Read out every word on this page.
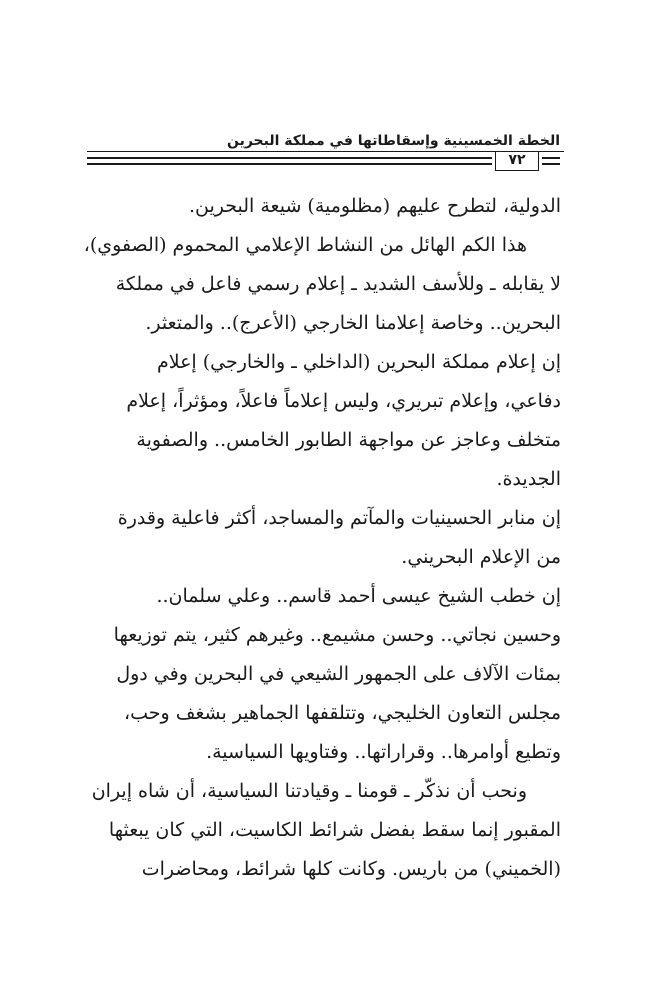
الخطة الخمسينية وإسقاطاتها في مملكة البحرين
٧٢
الدولية، لتطرح عليهم (مظلومية) شيعة البحرين.
هذا الكم الهائل من النشاط الإعلامي المحموم (الصفوي)،
لا يقابله ـ وللأسف الشديد ـ إعلام رسمي فاعل في مملكة
البحرين.. وخاصة إعلامنا الخارجي (الأعرج).. والمتعثر.
إن إعلام مملكة البحرين (الداخلي ـ والخارجي) إعلام
دفاعي، وإعلام تبريري، وليس إعلاماً فاعلاً، ومؤثراً، إعلام
متخلف وعاجز عن مواجهة الطابور الخامس.. والصفوية
الجديدة.
إن منابر الحسينيات والمآتم والمساجد، أكثر فاعلية وقدرة
من الإعلام البحريني.
إن خطب الشيخ عيسى أحمد قاسم.. وعلي سلمان..
وحسين نجاتي.. وحسن مشيمع.. وغيرهم كثير، يتم توزيعها
بمئات الآلاف على الجمهور الشيعي في البحرين وفي دول
مجلس التعاون الخليجي، وتتلقفها الجماهير بشغف وحب،
وتطيع أوامرها.. وقراراتها.. وفتاويها السياسية.
ونحب أن نذكّر ـ قومنا ـ وقيادتنا السياسية، أن شاه إيران
المقبور إنما سقط بفضل شرائط الكاسيت، التي كان يبعثها
(الخميني) من باريس. وكانت كلها شرائط، ومحاضرات
